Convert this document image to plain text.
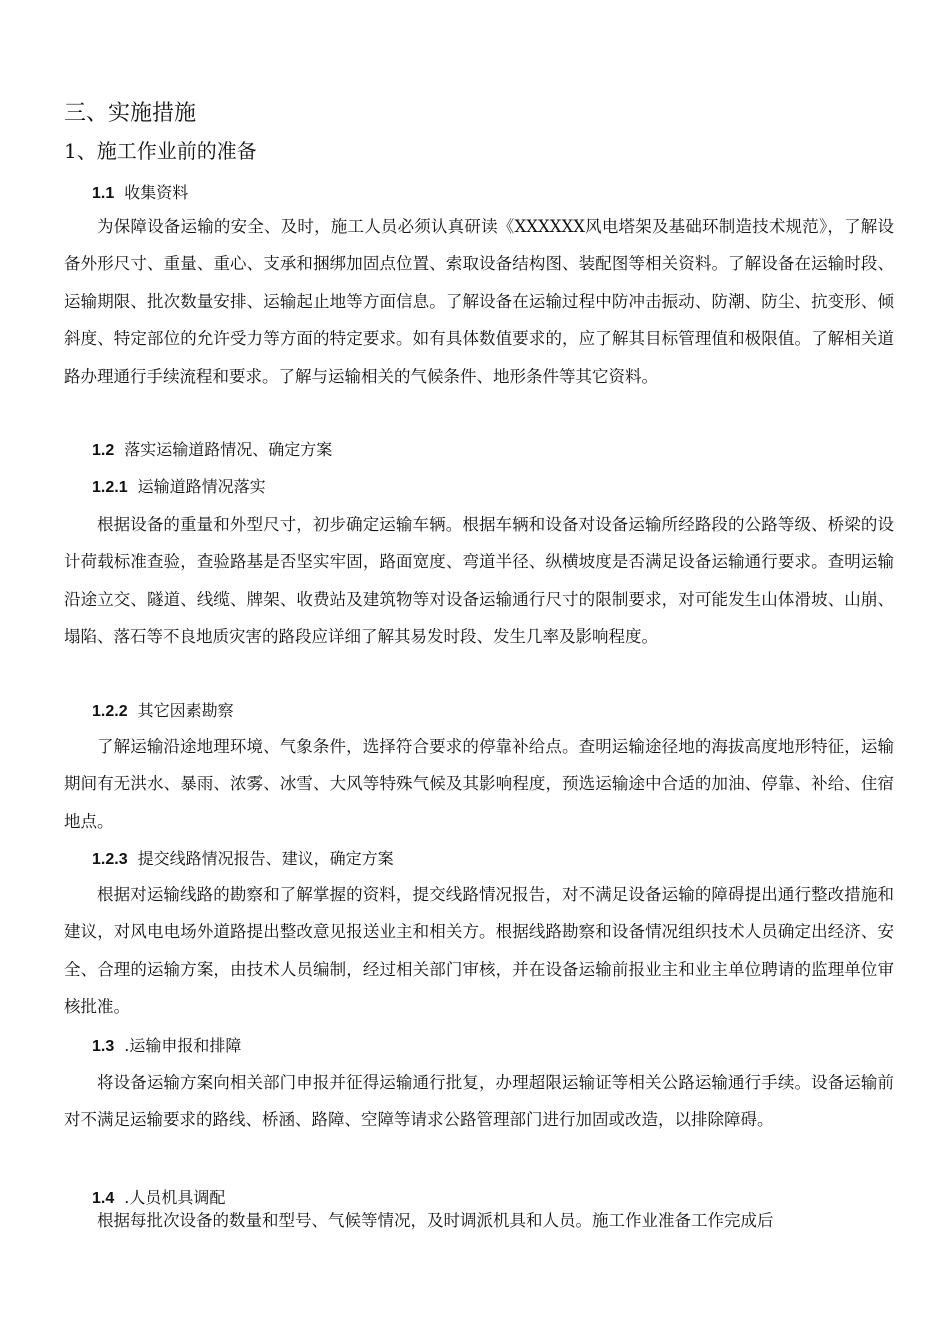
三、实施措施
1、施工作业前的准备
1.1 收集资料

为保障设备运输的安全、及时，施工人员必须认真研读《XXXXXX风电塔架及基础环制造技术规范》，了解设备外形尺寸、重量、重心、支承和捆绑加固点位置、索取设备结构图、装配图等相关资料。了解设备在运输时段、运输期限、批次数量安排、运输起止地等方面信息。了解设备在运输过程中防冲击振动、防潮、防尘、抗变形、倾斜度、特定部位的允许受力等方面的特定要求。如有具体数值要求的，应了解其目标管理值和极限值。了解相关道路办理通行手续流程和要求。了解与运输相关的气候条件、地形条件等其它资料。

1.2 落实运输道路情况、确定方案
1.2.1 运输道路情况落实

根据设备的重量和外型尺寸，初步确定运输车辆。根据车辆和设备对设备运输所经路段的公路等级、桥梁的设计荷载标准查验，查验路基是否坚实牢固，路面宽度、弯道半径、纵横坡度是否满足设备运输通行要求。查明运输沿途立交、隧道、线缆、牌架、收费站及建筑物等对设备运输通行尺寸的限制要求，对可能发生山体滑坡、山崩、塌陷、落石等不良地质灾害的路段应详细了解其易发时段、发生几率及影响程度。

1.2.2 其它因素勘察

了解运输沿途地理环境、气象条件，选择符合要求的停靠补给点。查明运输途径地的海拔高度地形特征，运输期间有无洪水、暴雨、浓雾、冰雪、大风等特殊气候及其影响程度，预选运输途中合适的加油、停靠、补给、住宿地点。

1.2.3 提交线路情况报告、建议，确定方案

根据对运输线路的勘察和了解掌握的资料，提交线路情况报告，对不满足设备运输的障碍提出通行整改措施和建议，对风电电场外道路提出整改意见报送业主和相关方。根据线路勘察和设备情况组织技术人员确定出经济、安全、合理的运输方案，由技术人员编制，经过相关部门审核，并在设备运输前报业主和业主单位聘请的监理单位审核批准。

1.3 .运输申报和排障

将设备运输方案向相关部门申报并征得运输通行批复，办理超限运输证等相关公路运输通行手续。设备运输前对不满足运输要求的路线、桥涵、路障、空障等请求公路管理部门进行加固或改造，以排除障碍。

1.4 .人员机具调配

根据每批次设备的数量和型号、气候等情况，及时调派机具和人员。施工作业准备工作完成后
